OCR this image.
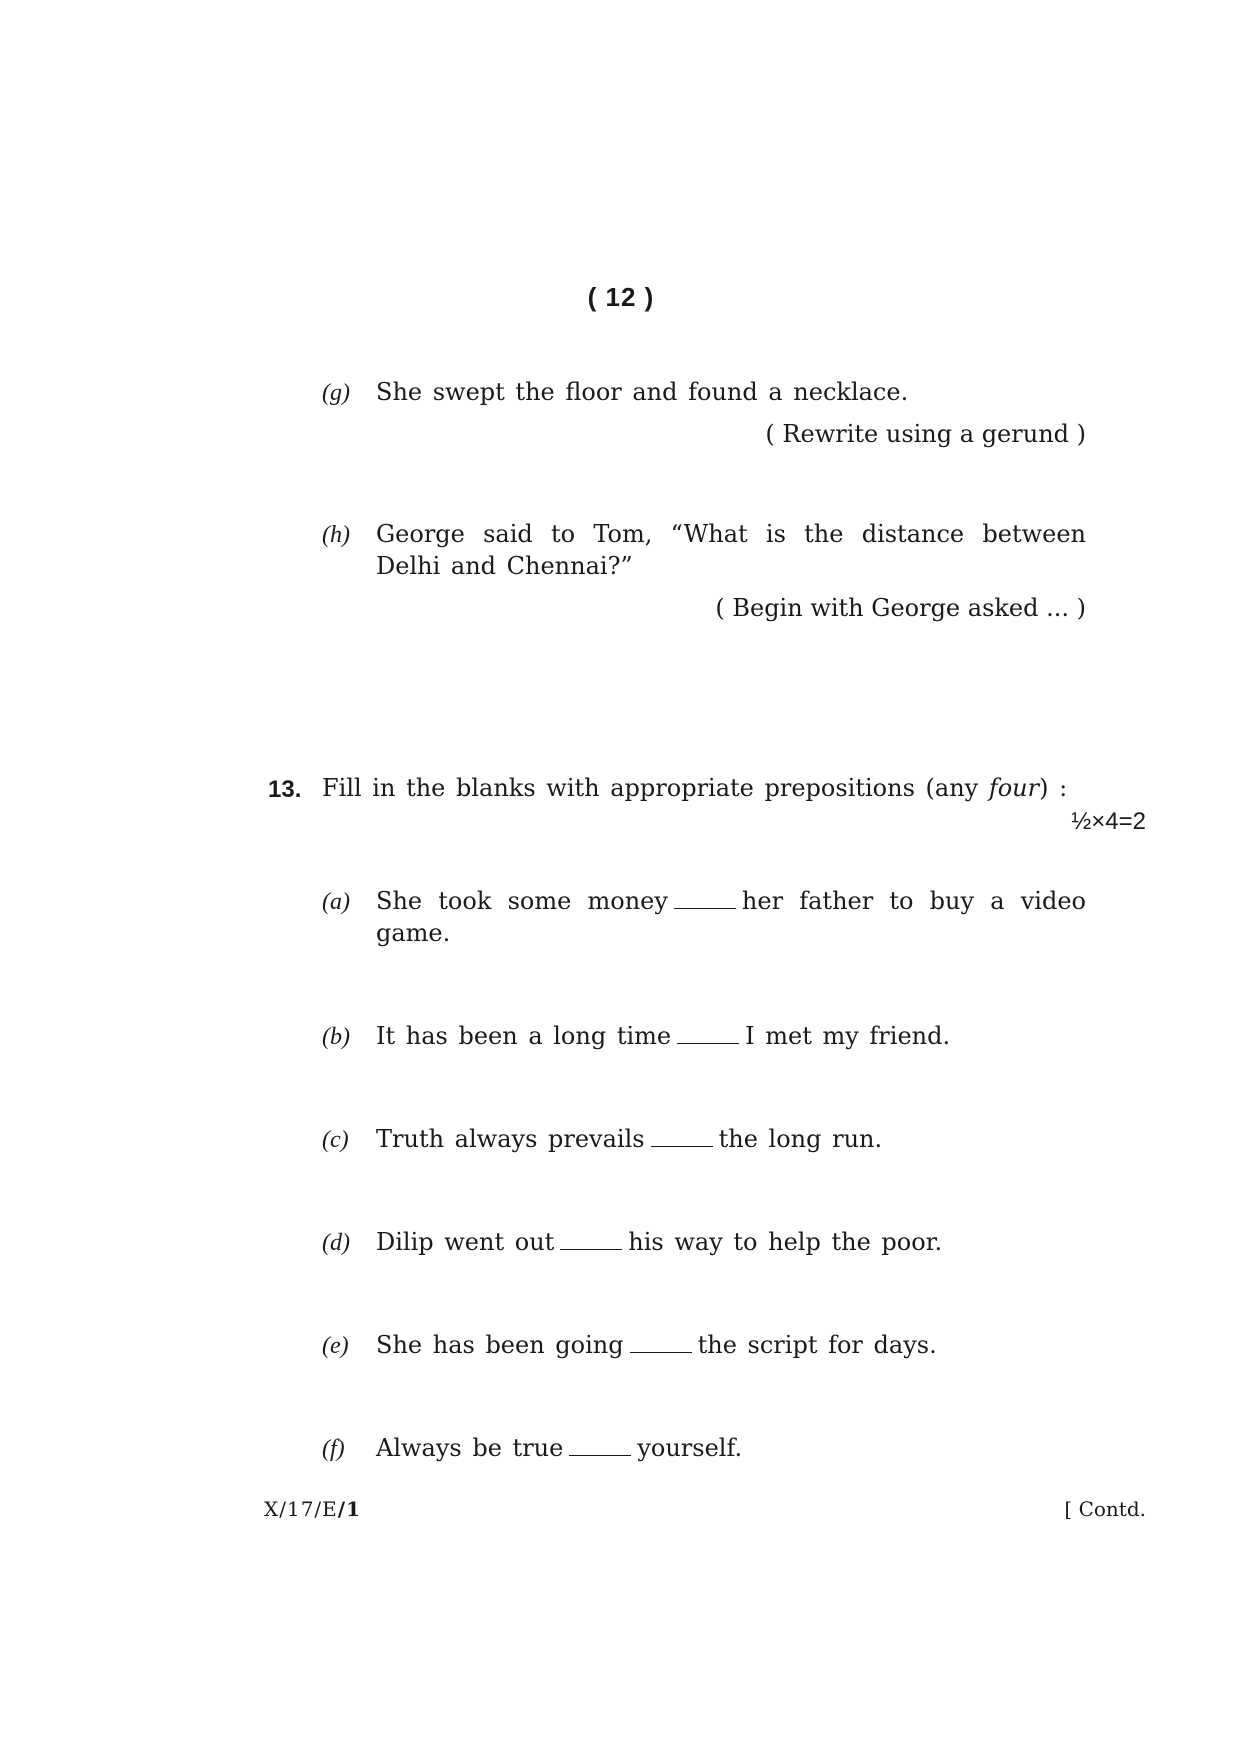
( 12 )
(g) She swept the floor and found a necklace.
( Rewrite using a gerund )
(h) George said to Tom, “What is the distance between Delhi and Chennai?”
( Begin with George asked ... )
13. Fill in the blanks with appropriate prepositions (any four) :
½×4=2
(a) She took some money	her father to buy a video game.
(b) It has been a long time	I met my friend.
(c) Truth always prevails	the long run.
(d) Dilip went out	his way to help the poor.
(e) She has been going	the script for days.
(f) Always be true	yourself.
X/17/E/1	[ Contd.
